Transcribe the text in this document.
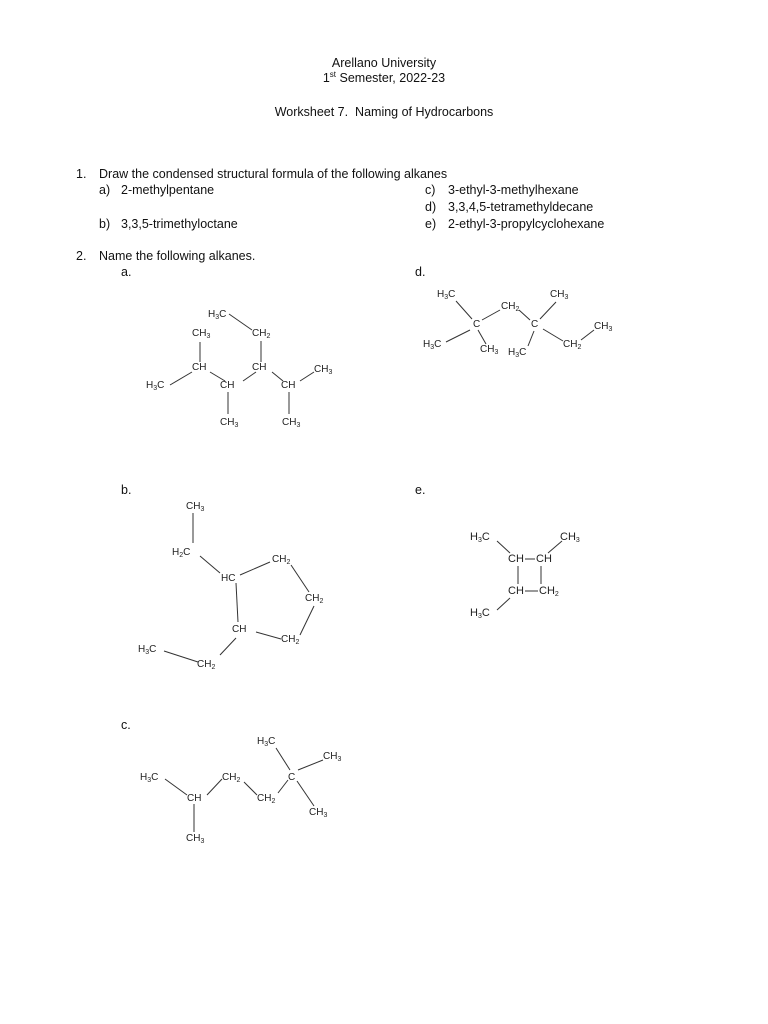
Arellano University
1st Semester, 2022-23
Worksheet 7.  Naming of Hydrocarbons
1. Draw the condensed structural formula of the following alkanes
a) 2-methylpentane
b) 3,3,5-trimethyloctane
c) 3-ethyl-3-methylhexane
d) 3,3,4,5-tetramethyldecane
e) 2-ethyl-3-propylcyclohexane
2. Name the following alkanes.
a.	d.
b.	e.
c.
$H_3C$
$CH_3$	$CH_2$
CH	CH	$CH_3$
$H_3C$	CH	CH
$CH_3$	$CH_3$
$H_3C$	$CH_3$
$CH_2$
C	C	$CH_3$
$H_3C$	$CH_2$
$CH_3$ $H_3C$
$CH_3$
$H_2C$
$CH_2$
HC
$CH_2$
CH
$CH_2$
$H_3C$
$CH_2$
H3C	CH3
CH CH
CH CH2
H3C
$H_3C$
$CH_3$
$H_3C$	$CH_2$	C
CH	$CH_2$
$CH_3$
$CH_3$
